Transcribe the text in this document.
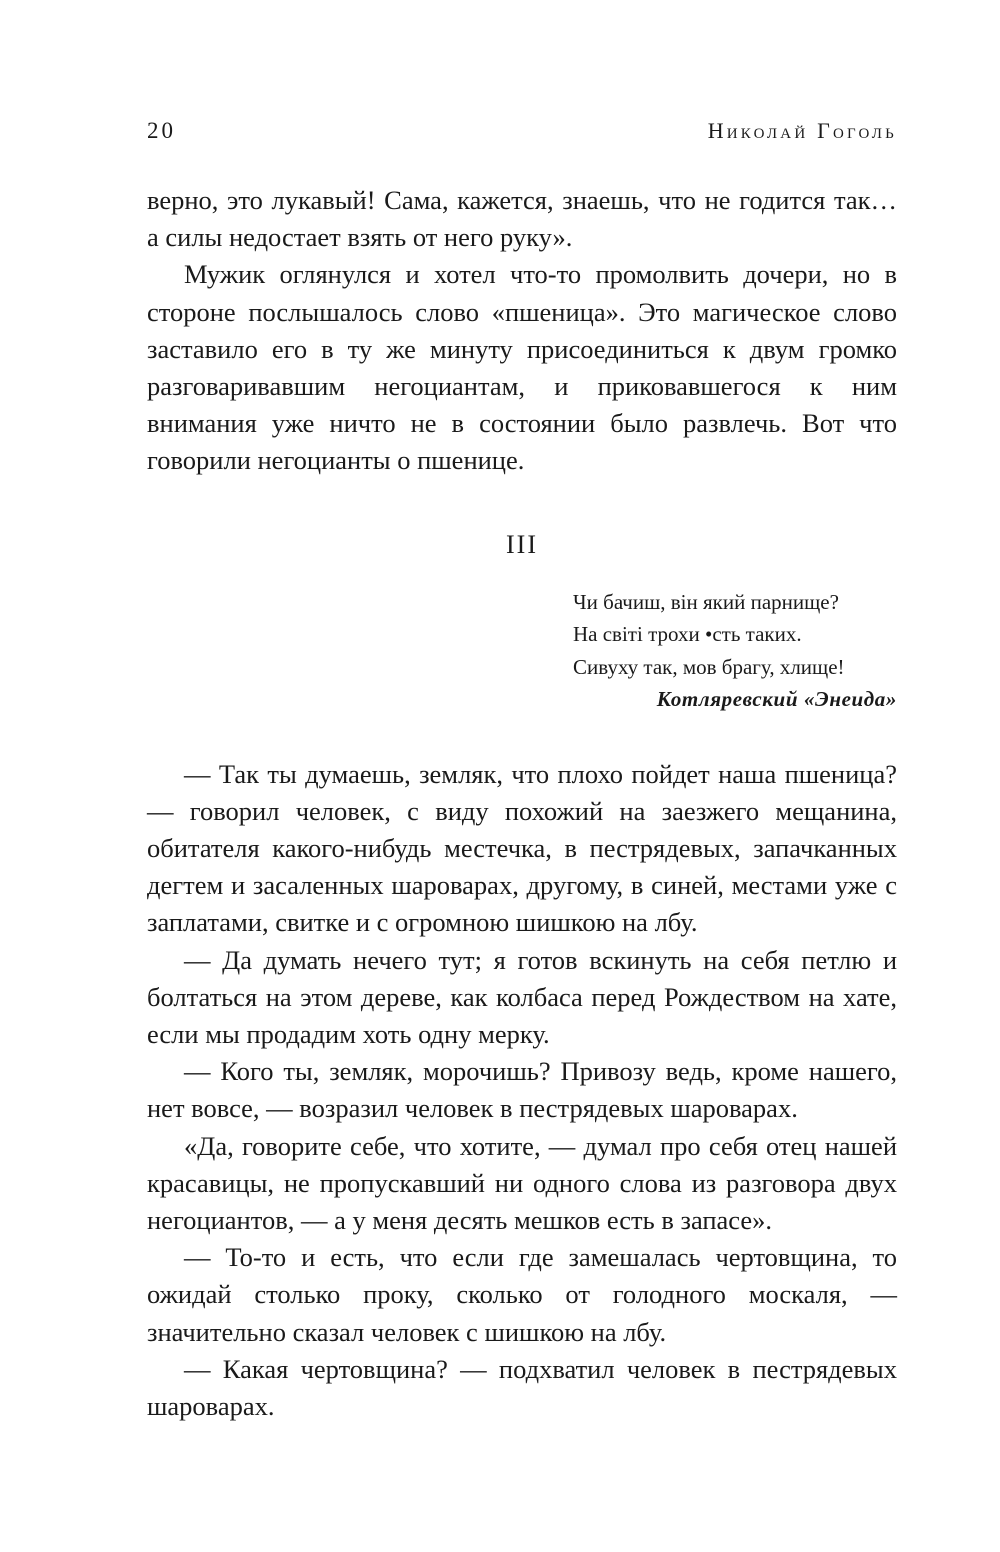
20	Николай Гоголь

верно, это лукавый! Сама, кажется, знаешь, что не годится так… а силы недостает взять от него руку».

Мужик оглянулся и хотел что-то промолвить дочери, но в стороне послышалось слово «пшеница». Это магическое слово заставило его в ту же минуту присоединиться к двум громко разговаривавшим негоциантам, и приковавшегося к ним внимания уже ничто не в состоянии было развлечь. Вот что говорили негоцианты о пшенице.

III
Чи бачиш, він який парнище?
На світі трохи •сть таких.
Сивуху так, мов брагу, хлище!
Котляревский «Энеида»

— Так ты думаешь, земляк, что плохо пойдет наша пшеница? — говорил человек, с виду похожий на заезжего мещанина, обитателя какого-нибудь местечка, в пестрядевых, запачканных дегтем и засаленных шароварах, другому, в синей, местами уже с заплатами, свитке и с огромною шишкою на лбу.

— Да думать нечего тут; я готов вскинуть на себя петлю и болтаться на этом дереве, как колбаса перед Рождеством на хате, если мы продадим хоть одну мерку.

— Кого ты, земляк, морочишь? Привозу ведь, кроме нашего, нет вовсе, — возразил человек в пестрядевых шароварах.

«Да, говорите себе, что хотите, — думал про себя отец нашей красавицы, не пропускавший ни одного слова из разговора двух негоциантов, — а у меня десять мешков есть в запасе».

— То-то и есть, что если где замешалась чертовщина, то ожидай столько проку, сколько от голодного москаля, — значительно сказал человек с шишкою на лбу.

— Какая чертовщина? — подхватил человек в пестрядевых шароварах.
